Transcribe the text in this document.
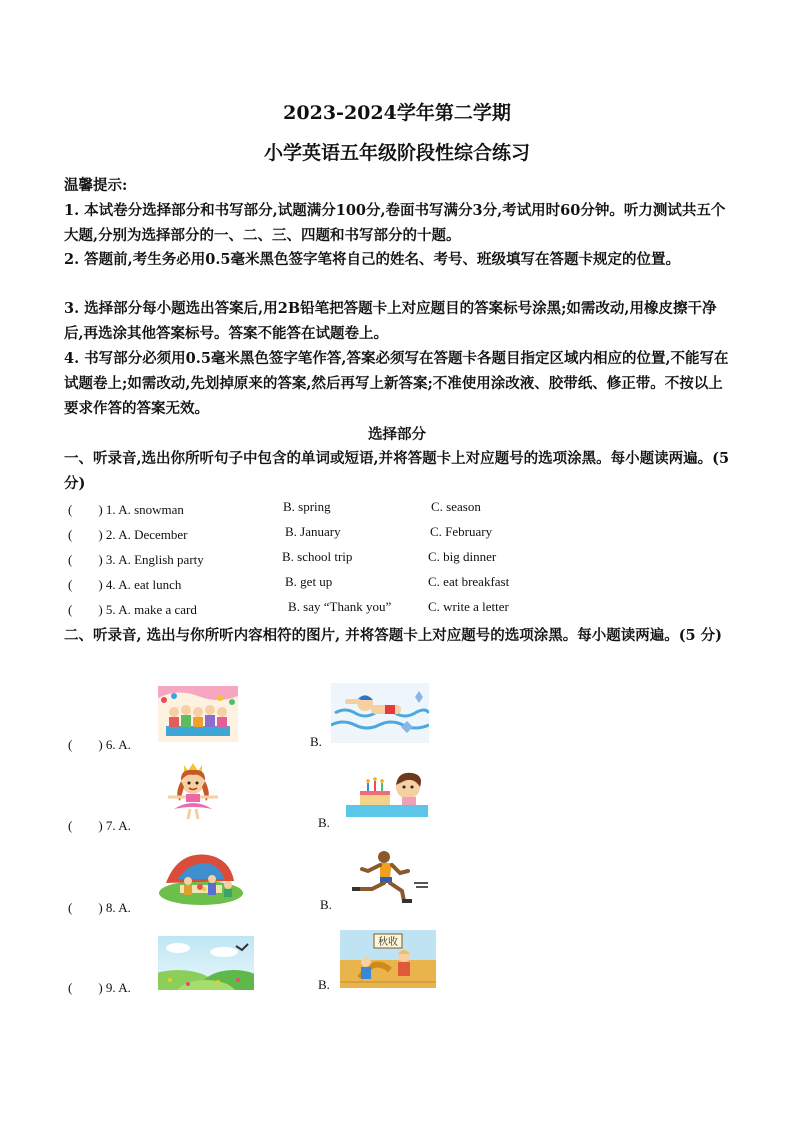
2023-2024学年第二学期
小学英语五年级阶段性综合练习
温馨提示:
1. 本试卷分选择部分和书写部分,试题满分100分,卷面书写满分3分,考试用时60分钟。听力测试共五个大题,分别为选择部分的一、二、三、四题和书写部分的十题。
2. 答题前,考生务必用0.5毫米黑色签字笔将自己的姓名、考号、班级填写在答题卡规定的位置。
3. 选择部分每小题选出答案后,用2B铅笔把答题卡上对应题目的答案标号涂黑;如需改动,用橡皮擦干净后,再选涂其他答案标号。答案不能答在试题卷上。
4. 书写部分必须用0.5毫米黑色签字笔作答,答案必须写在答题卡各题目指定区域内相应的位置,不能写在试题卷上;如需改动,先划掉原来的答案,然后再写上新答案;不准使用涂改液、胶带纸、修正带。不按以上要求作答的答案无效。
选择部分
一、听录音,选出你所听句子中包含的单词或短语,并将答题卡上对应题号的选项涂黑。每小题读两遍。(5分)
(　　) 1. A. snowman	B. spring	C. season
(　　) 2. A. December	B. January	C. February
(　　) 3. A. English party	B. school trip	C. big dinner
(　　) 4. A. eat lunch	B. get up	C. eat breakfast
(　　) 5. A. make a card	B. say “Thank you”	C. write a letter
二、听录音, 选出与你所听内容相符的图片, 并将答题卡上对应题号的选项涂黑。每小题读两遍。(5 分)
(　　) 6. A.	B.
(　　) 7. A.	B.
(　　) 8. A.	B.
(　　) 9. A.	B.
秋收
